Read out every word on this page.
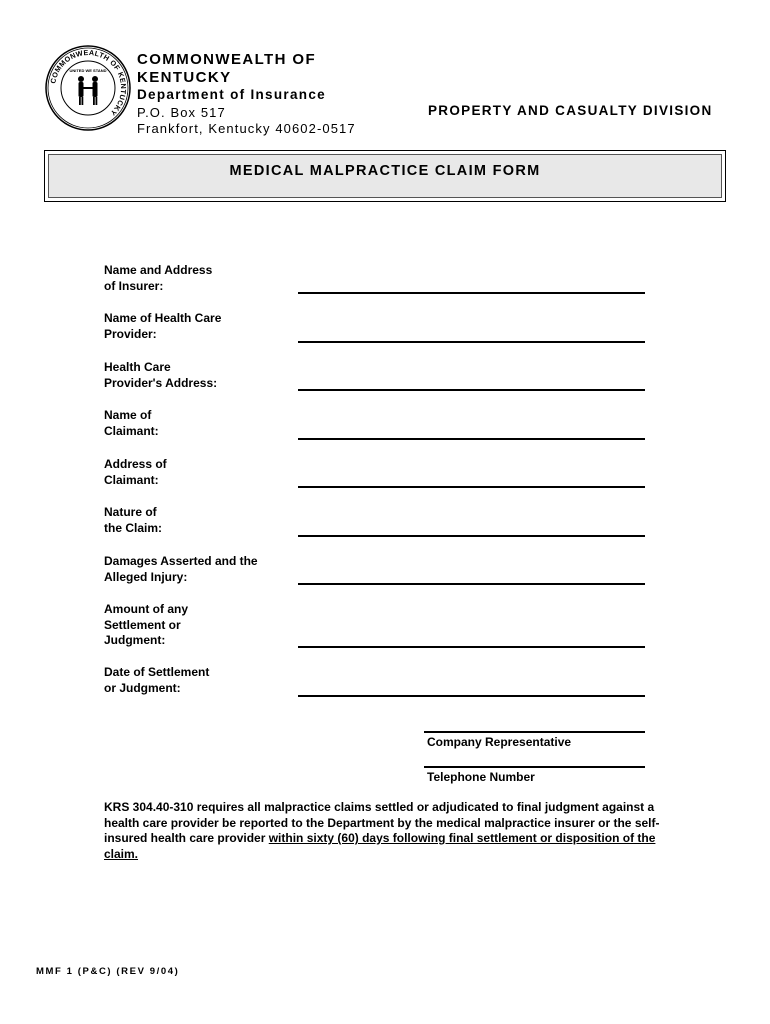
COMMONWEALTH OF KENTUCKY
UNITED WE STAND
COMMONWEALTH OF
KENTUCKY
Department of Insurance
P.O. Box 517
Frankfort, Kentucky 40602-0517
PROPERTY AND CASUALTY DIVISION
MEDICAL MALPRACTICE CLAIM FORM
Name and Address
of Insurer:
Name of Health Care
Provider:
Health Care
Provider's Address:
Name of
Claimant:
Address of
Claimant:
Nature of
the Claim:
Damages Asserted and the
Alleged Injury:
Amount of any
Settlement or
Judgment:
Date of Settlement
or Judgment:
Company Representative
Telephone Number
KRS 304.40-310 requires all malpractice claims settled or adjudicated to final judgment against a health care provider be reported to the Department by the medical malpractice insurer or the self-insured health care provider within sixty (60) days following final settlement or disposition of the claim.
MMF 1 (P&C) (REV 9/04)
